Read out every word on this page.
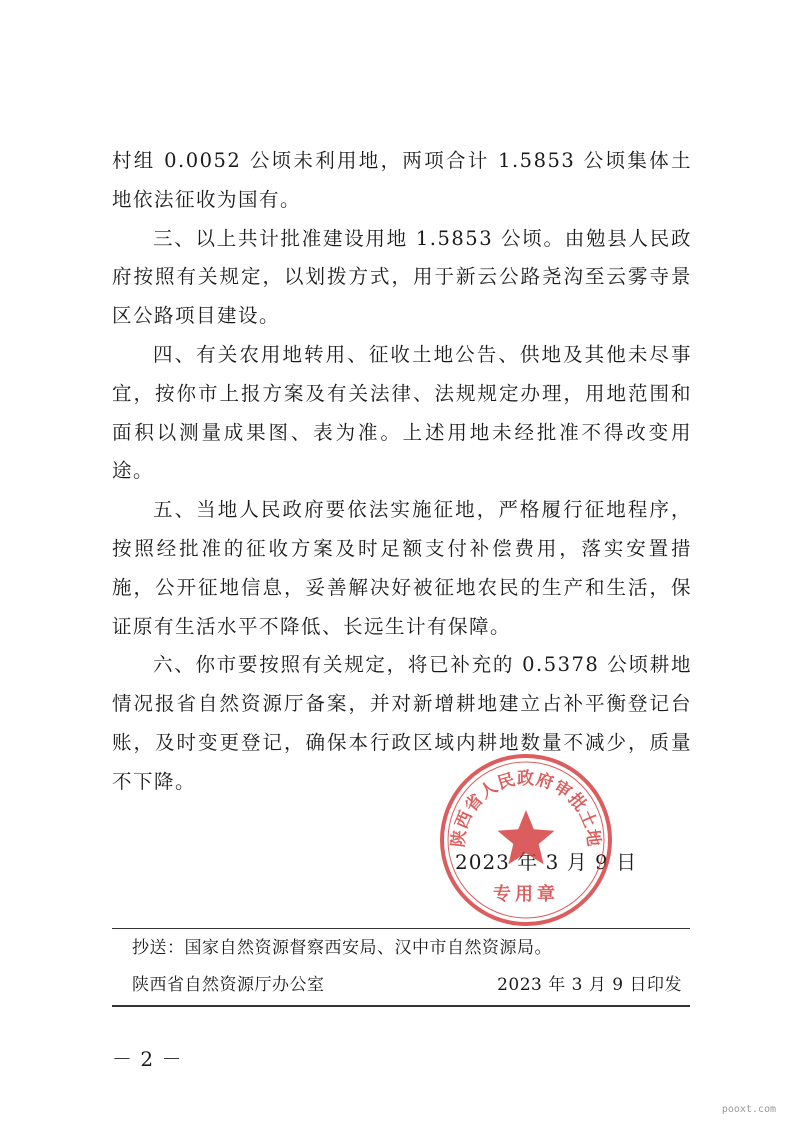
村组 0.0052 公顷未利用地，两项合计 1.5853 公顷集体土地依法征收为国有。

三、以上共计批准建设用地 1.5853 公顷。由勉县人民政府按照有关规定，以划拨方式，用于新云公路尧沟至云雾寺景区公路项目建设。

四、有关农用地转用、征收土地公告、供地及其他未尽事宜，按你市上报方案及有关法律、法规规定办理，用地范围和面积以测量成果图、表为准。上述用地未经批准不得改变用途。

五、当地人民政府要依法实施征地，严格履行征地程序，按照经批准的征收方案及时足额支付补偿费用，落实安置措施，公开征地信息，妥善解决好被征地农民的生产和生活，保证原有生活水平不降低、长远生计有保障。

六、你市要按照有关规定，将已补充的 0.5378 公顷耕地情况报省自然资源厅备案，并对新增耕地建立占补平衡登记台账，及时变更登记，确保本行政区域内耕地数量不减少，质量不下降。

2023 年 3 月 9 日
陕西省人民政府审批土地
专用章
抄送：国家自然资源督察西安局、汉中市自然资源局。
陕西省自然资源厅办公室	2023 年 3 月 9 日印发
－ 2 －
pooxt.com
